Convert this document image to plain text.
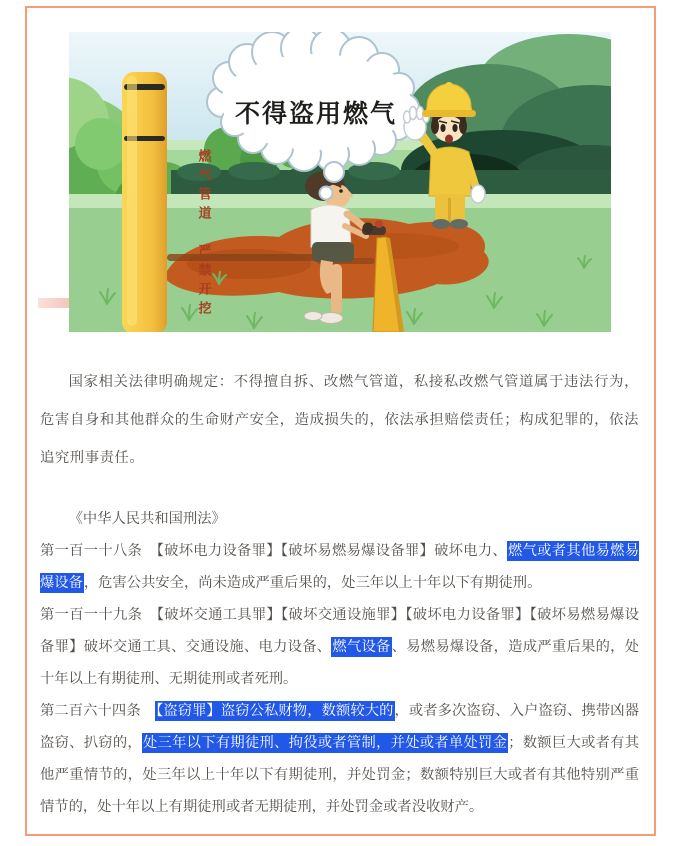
不得盗用燃气
燃气管道　严禁开挖

国家相关法律明确规定：不得擅自拆、改燃气管道，私接私改燃气管道属于违法行为，危害自身和其他群众的生命财产安全，造成损失的，依法承担赔偿责任；构成犯罪的，依法追究刑事责任。

《中华人民共和国刑法》

第一百一十八条　【破坏电力设备罪】【破坏易燃易爆设备罪】破坏电力、燃气或者其他易燃易爆设备，危害公共安全，尚未造成严重后果的，处三年以上十年以下有期徒刑。

第一百一十九条　【破坏交通工具罪】【破坏交通设施罪】【破坏电力设备罪】【破坏易燃易爆设备罪】破坏交通工具、交通设施、电力设备、燃气设备、易燃易爆设备，造成严重后果的，处十年以上有期徒刑、无期徒刑或者死刑。

第二百六十四条　【盗窃罪】盗窃公私财物，数额较大的，或者多次盗窃、入户盗窃、携带凶器盗窃、扒窃的，处三年以下有期徒刑、拘役或者管制，并处或者单处罚金；数额巨大或者有其他严重情节的，处三年以上十年以下有期徒刑，并处罚金；数额特别巨大或者有其他特别严重情节的，处十年以上有期徒刑或者无期徒刑，并处罚金或者没收财产。
